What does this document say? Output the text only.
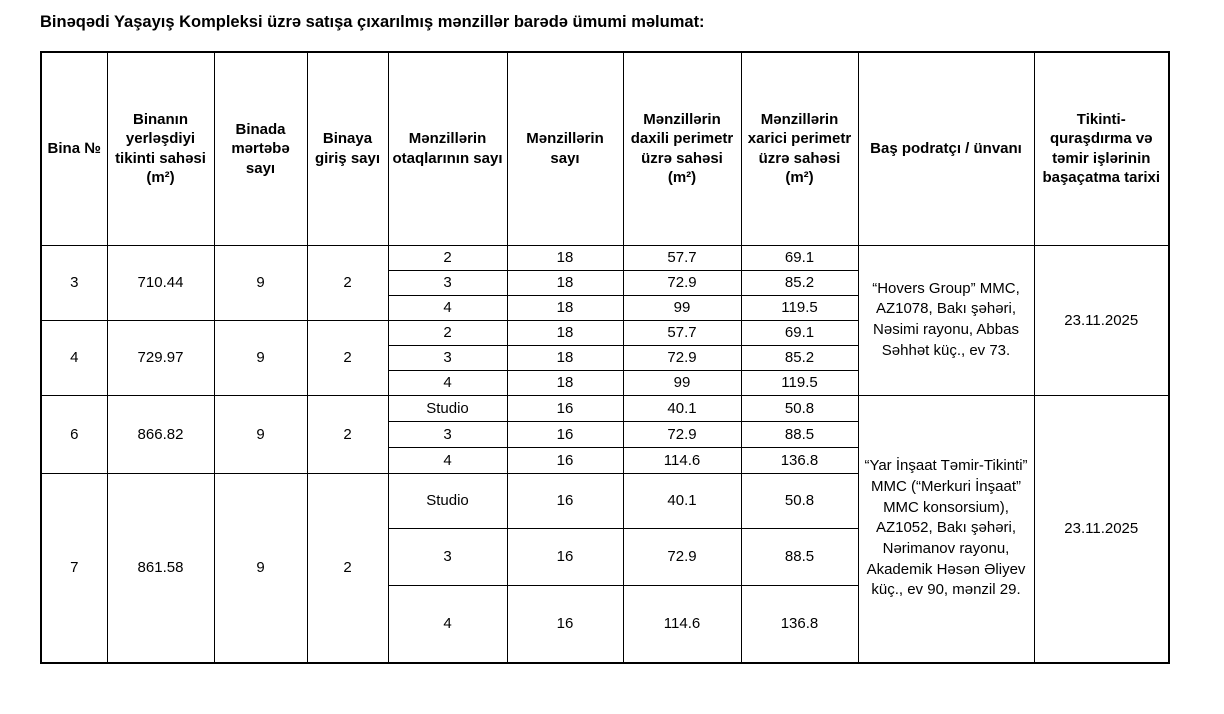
Binəqədi Yaşayış Kompleksi üzrə satışa çıxarılmış mənzillər barədə ümumi məlumat:

Bina №	Binanın yerləşdiyi tikinti sahəsi (m²)	Binada mərtəbə sayı	Binaya giriş sayı	Mənzillərin otaqlarının sayı	Mənzillərin sayı	Mənzillərin daxili perimetr üzrə sahəsi (m²)	Mənzillərin xarici perimetr üzrə sahəsi (m²)	Baş podratçı / ünvanı	Tikinti-quraşdırma və təmir işlərinin başaçatma tarixi
3	710.44	9	2	2	18	57.7	69.1	“Hovers Group” MMC, AZ1078, Bakı şəhəri, Nəsimi rayonu, Abbas Səhhət küç., ev 73.	23.11.2025
				3	18	72.9	85.2		
				4	18	99	119.5		
4	729.97	9	2	2	18	57.7	69.1		
				3	18	72.9	85.2		
				4	18	99	119.5		
6	866.82	9	2	Studio	16	40.1	50.8	“Yar İnşaat Təmir-Tikinti” MMC (“Merkuri İnşaat” MMC konsorsium), AZ1052, Bakı şəhəri, Nərimanov rayonu, Akademik Həsən Əliyev küç., ev 90, mənzil 29.	23.11.2025
				3	16	72.9	88.5		
				4	16	114.6	136.8		
7	861.58	9	2	Studio	16	40.1	50.8		
				3	16	72.9	88.5		
				4	16	114.6	136.8		
